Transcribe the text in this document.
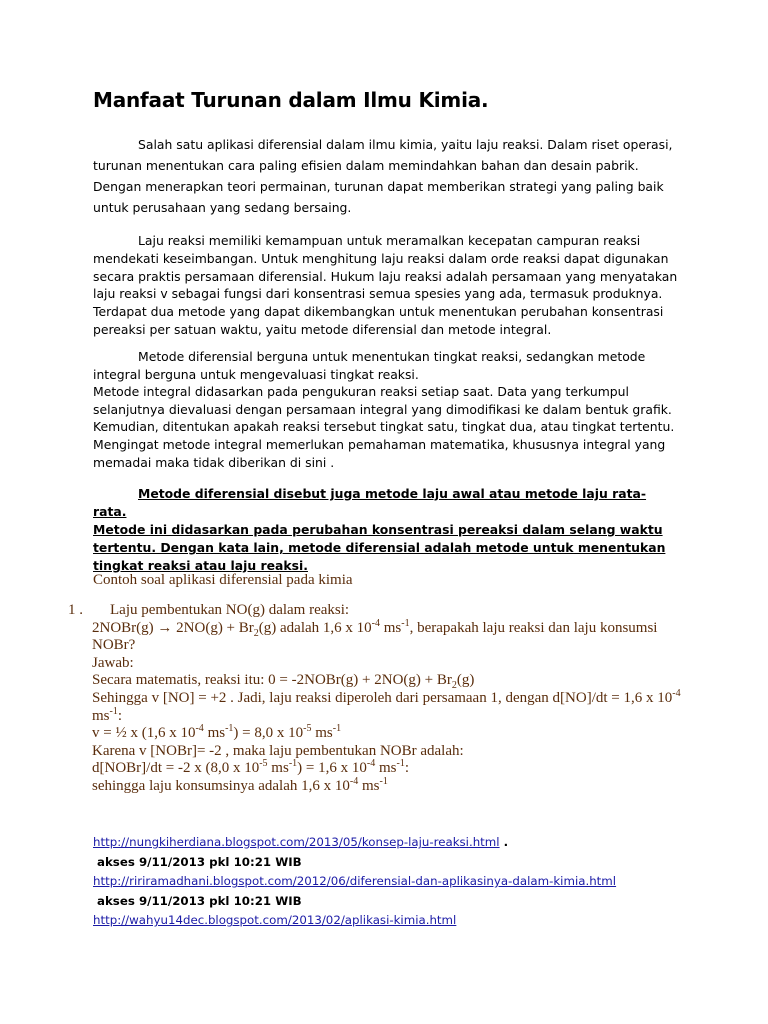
Manfaat Turunan dalam Ilmu Kimia.
Salah satu aplikasi diferensial dalam ilmu kimia, yaitu laju reaksi. Dalam riset operasi, turunan menentukan cara paling efisien dalam memindahkan bahan dan desain pabrik. Dengan menerapkan teori permainan, turunan dapat memberikan strategi yang paling baik untuk perusahaan yang sedang bersaing.
Laju reaksi memiliki kemampuan untuk meramalkan kecepatan campuran reaksi mendekati keseimbangan. Untuk menghitung laju reaksi dalam orde reaksi dapat digunakan secara praktis persamaan diferensial. Hukum laju reaksi adalah persamaan yang menyatakan laju reaksi v sebagai fungsi dari konsentrasi semua spesies yang ada, termasuk produknya. Terdapat dua metode yang dapat dikembangkan untuk menentukan perubahan konsentrasi pereaksi per satuan waktu, yaitu metode diferensial dan metode integral.
Metode diferensial berguna untuk menentukan tingkat reaksi, sedangkan metode integral berguna untuk mengevaluasi tingkat reaksi.
Metode integral didasarkan pada pengukuran reaksi setiap saat. Data yang terkumpul selanjutnya dievaluasi dengan persamaan integral yang dimodifikasi ke dalam bentuk grafik. Kemudian, ditentukan apakah reaksi tersebut tingkat satu, tingkat dua, atau tingkat tertentu. Mengingat metode integral memerlukan pemahaman matematika, khususnya integral yang memadai maka tidak diberikan di sini .
Metode diferensial disebut juga metode laju awal atau metode laju rata-rata.
Metode ini didasarkan pada perubahan konsentrasi pereaksi dalam selang waktu tertentu. Dengan kata lain, metode diferensial adalah metode untuk menentukan tingkat reaksi atau laju reaksi.
Contoh soal aplikasi diferensial pada kimia
1 .	Laju pembentukan NO(g) dalam reaksi:
2NOBr(g) → $2NO(g) + Br_2(g)$ adalah 1,6 x $10^{-4}$ $ms^{-1}$, berapakah laju reaksi dan laju konsumsi NOBr?
Jawab:
Secara matematis, reaksi itu: 0 = -2NOBr(g) + $2NO(g) + Br_2(g)$
Sehingga v [NO] = +2 . Jadi, laju reaksi diperoleh dari persamaan 1, dengan d[NO]/dt = 1,6 x $10^{-4}$ $ms^{-1}$:
v = ½ x (1,6 x $10^{-4}$ $ms^{-1}) = 8,0$ x $10^{-5}$ $ms^{-1}$
Karena v [NOBr]= -2 , maka laju pembentukan NOBr adalah:
d[NOBr]/dt = -2 x (8,0 x $10^{-5}$ $ms^{-1}) = 1,6$ x $10^{-4}$ $ms^{-1}$:
sehingga laju konsumsinya adalah 1,6 x $10^{-4}$ $ms^{-1}$
http://nungkiherdiana.blogspot.com/2013/05/konsep-laju-reaksi.html .
akses 9/11/2013 pkl 10:21 WIB
http://ririramadhani.blogspot.com/2012/06/diferensial-dan-aplikasinya-dalam-kimia.html
akses 9/11/2013 pkl 10:21 WIB
http://wahyu14dec.blogspot.com/2013/02/aplikasi-kimia.html
